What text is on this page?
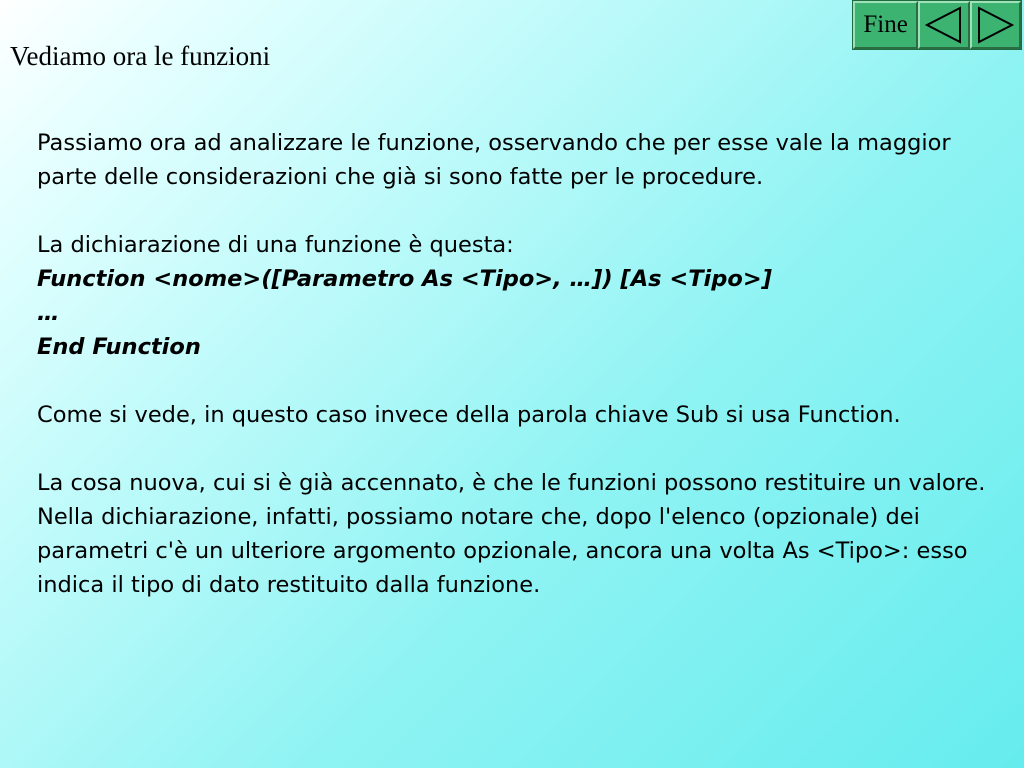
Vediamo ora le funzioni
Fine

Passiamo ora ad analizzare le funzione, osservando che per esse vale la maggior parte delle considerazioni che già si sono fatte per le procedure.

La dichiarazione di una funzione è questa:

Function <nome>([Parametro As <Tipo>, …]) [As <Tipo>]

…

End Function

Come si vede, in questo caso invece della parola chiave Sub si usa Function.

La cosa nuova, cui si è già accennato, è che le funzioni possono restituire un valore. Nella dichiarazione, infatti, possiamo notare che, dopo l'elenco (opzionale) dei parametri c'è un ulteriore argomento opzionale, ancora una volta As <Tipo>: esso indica il tipo di dato restituito dalla funzione.
